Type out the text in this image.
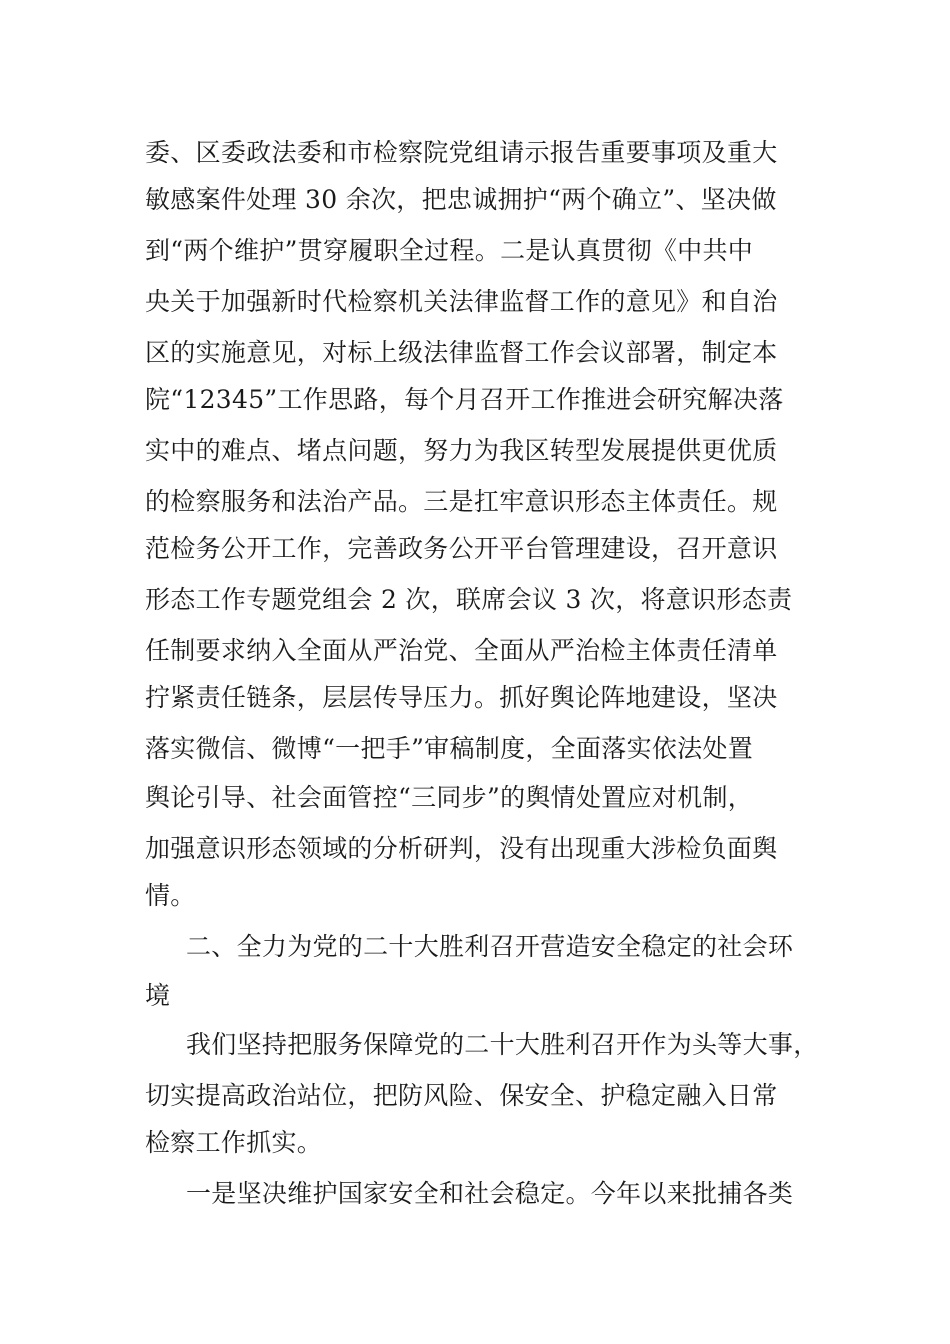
委、区委政法委和市检察院党组请示报告重要事项及重大
敏感案件处理 30 余次，把忠诚拥护“两个确立”、坚决做
到“两个维护”贯穿履职全过程。二是认真贯彻《中共中
央关于加强新时代检察机关法律监督工作的意见》和自治
区的实施意见，对标上级法律监督工作会议部署，制定本
院“12345”工作思路，每个月召开工作推进会研究解决落
实中的难点、堵点问题，努力为我区转型发展提供更优质
的检察服务和法治产品。三是扛牢意识形态主体责任。规
范检务公开工作，完善政务公开平台管理建设，召开意识
形态工作专题党组会 2 次，联席会议 3 次，将意识形态责
任制要求纳入全面从严治党、全面从严治检主体责任清单
拧紧责任链条，层层传导压力。抓好舆论阵地建设，坚决
落实微信、微博“一把手”审稿制度，全面落实依法处置
舆论引导、社会面管控“三同步”的舆情处置应对机制，
加强意识形态领域的分析研判，没有出现重大涉检负面舆
情。
二、全力为党的二十大胜利召开营造安全稳定的社会环
境
我们坚持把服务保障党的二十大胜利召开作为头等大事，
切实提高政治站位，把防风险、保安全、护稳定融入日常
检察工作抓实。
一是坚决维护国家安全和社会稳定。今年以来批捕各类
